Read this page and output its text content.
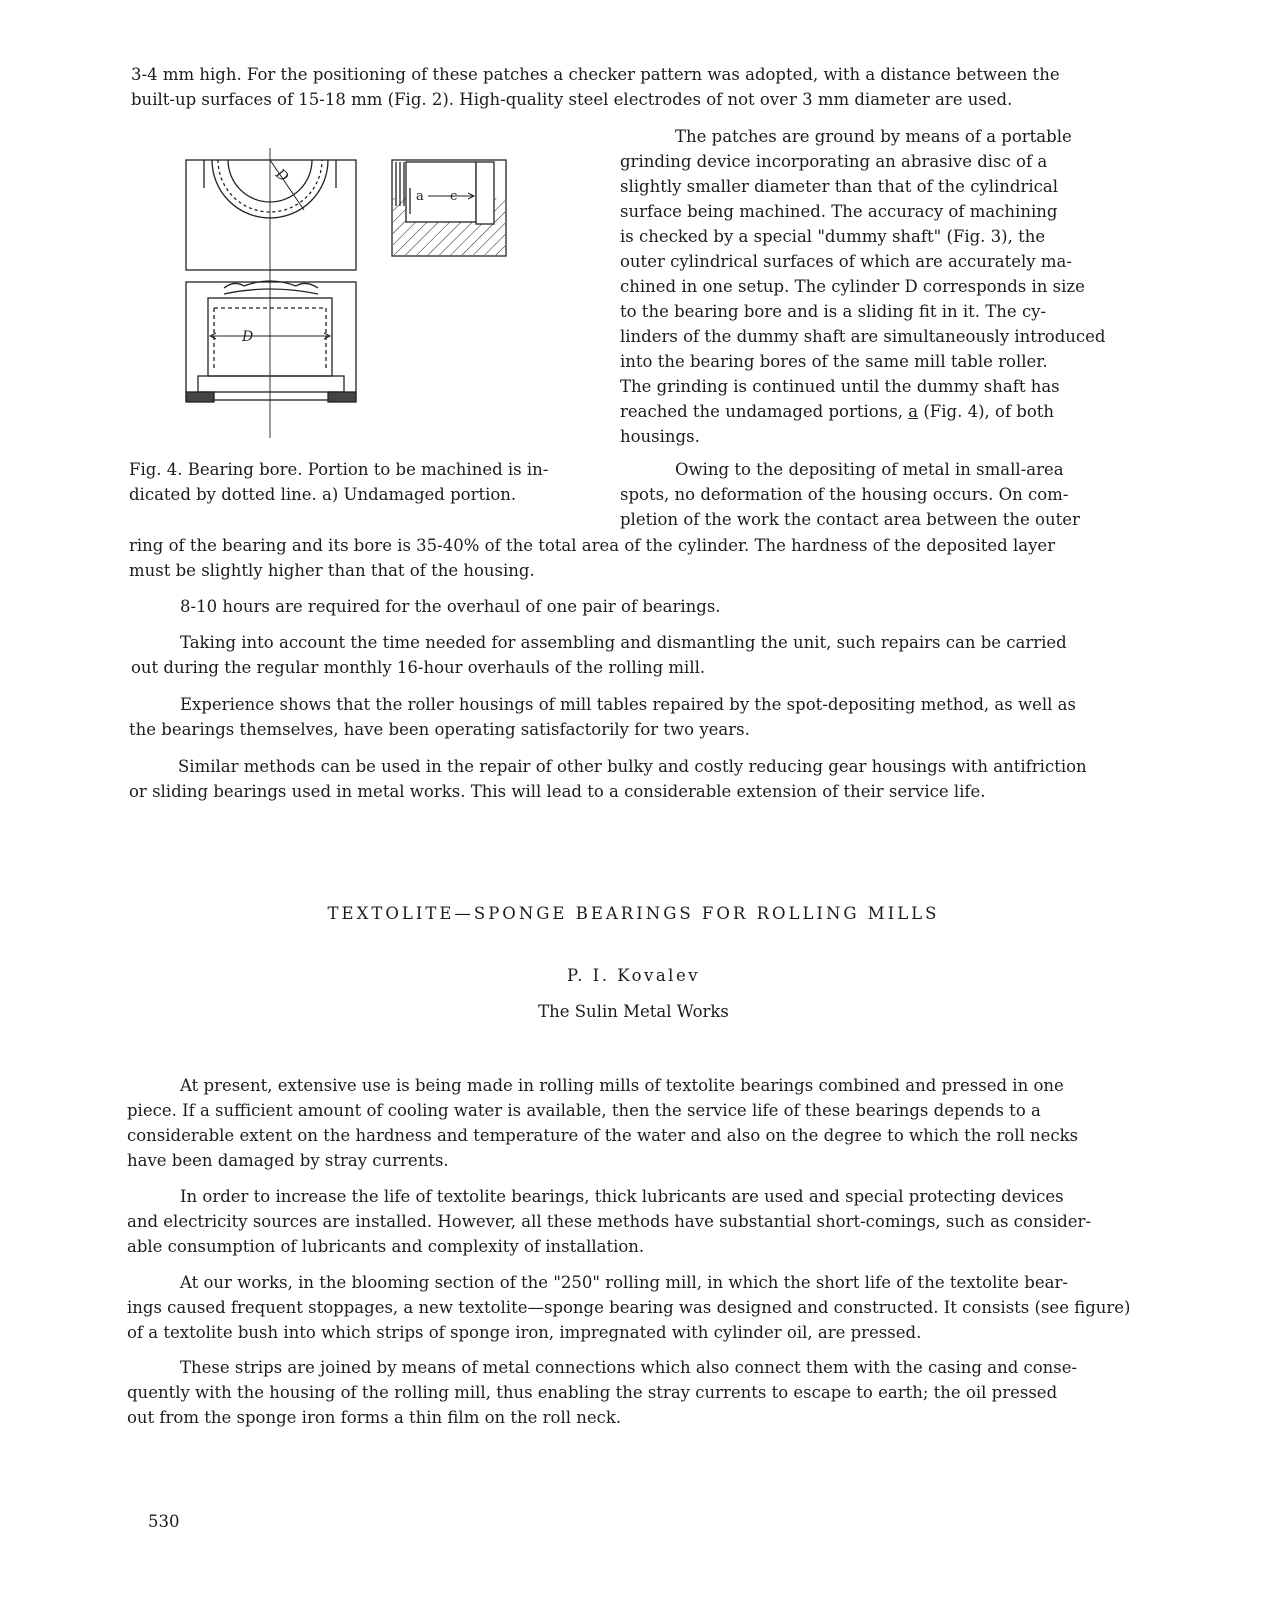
3-4 mm high. For the positioning of these patches a checker pattern was adopted, with a distance between the
built-up surfaces of 15-18 mm (Fig. 2). High-quality steel electrodes of not over 3 mm diameter are used.
D
a c
D
The patches are ground by means of a portable
grinding device incorporating an abrasive disc of a
slightly smaller diameter than that of the cylindrical
surface being machined. The accuracy of machining
is checked by a special "dummy shaft" (Fig. 3), the
outer cylindrical surfaces of which are accurately ma-
chined in one setup. The cylinder D corresponds in size
to the bearing bore and is a sliding fit in it. The cy-
linders of the dummy shaft are simultaneously introduced
into the bearing bores of the same mill table roller.
The grinding is continued until the dummy shaft has
reached the undamaged portions, a (Fig. 4), of both
housings.
Fig. 4. Bearing bore. Portion to be machined is in-
dicated by dotted line. a) Undamaged portion.
Owing to the depositing of metal in small-area
spots, no deformation of the housing occurs. On com-
pletion of the work the contact area between the outer
ring of the bearing and its bore is 35-40% of the total area of the cylinder. The hardness of the deposited layer
must be slightly higher than that of the housing.
8-10 hours are required for the overhaul of one pair of bearings.
Taking into account the time needed for assembling and dismantling the unit, such repairs can be carried
out during the regular monthly 16-hour overhauls of the rolling mill.
Experience shows that the roller housings of mill tables repaired by the spot-depositing method, as well as
the bearings themselves, have been operating satisfactorily for two years.
Similar methods can be used in the repair of other bulky and costly reducing gear housings with antifriction
or sliding bearings used in metal works. This will lead to a considerable extension of their service life.
TEXTOLITE—SPONGE BEARINGS FOR ROLLING MILLS
P. I. Kovalev
The Sulin Metal Works
At present, extensive use is being made in rolling mills of textolite bearings combined and pressed in one
piece. If a sufficient amount of cooling water is available, then the service life of these bearings depends to a
considerable extent on the hardness and temperature of the water and also on the degree to which the roll necks
have been damaged by stray currents.
In order to increase the life of textolite bearings, thick lubricants are used and special protecting devices
and electricity sources are installed. However, all these methods have substantial short-comings, such as consider-
able consumption of lubricants and complexity of installation.
At our works, in the blooming section of the "250" rolling mill, in which the short life of the textolite bear-
ings caused frequent stoppages, a new textolite—sponge bearing was designed and constructed. It consists (see figure)
of a textolite bush into which strips of sponge iron, impregnated with cylinder oil, are pressed.
These strips are joined by means of metal connections which also connect them with the casing and conse-
quently with the housing of the rolling mill, thus enabling the stray currents to escape to earth; the oil pressed
out from the sponge iron forms a thin film on the roll neck.
530
